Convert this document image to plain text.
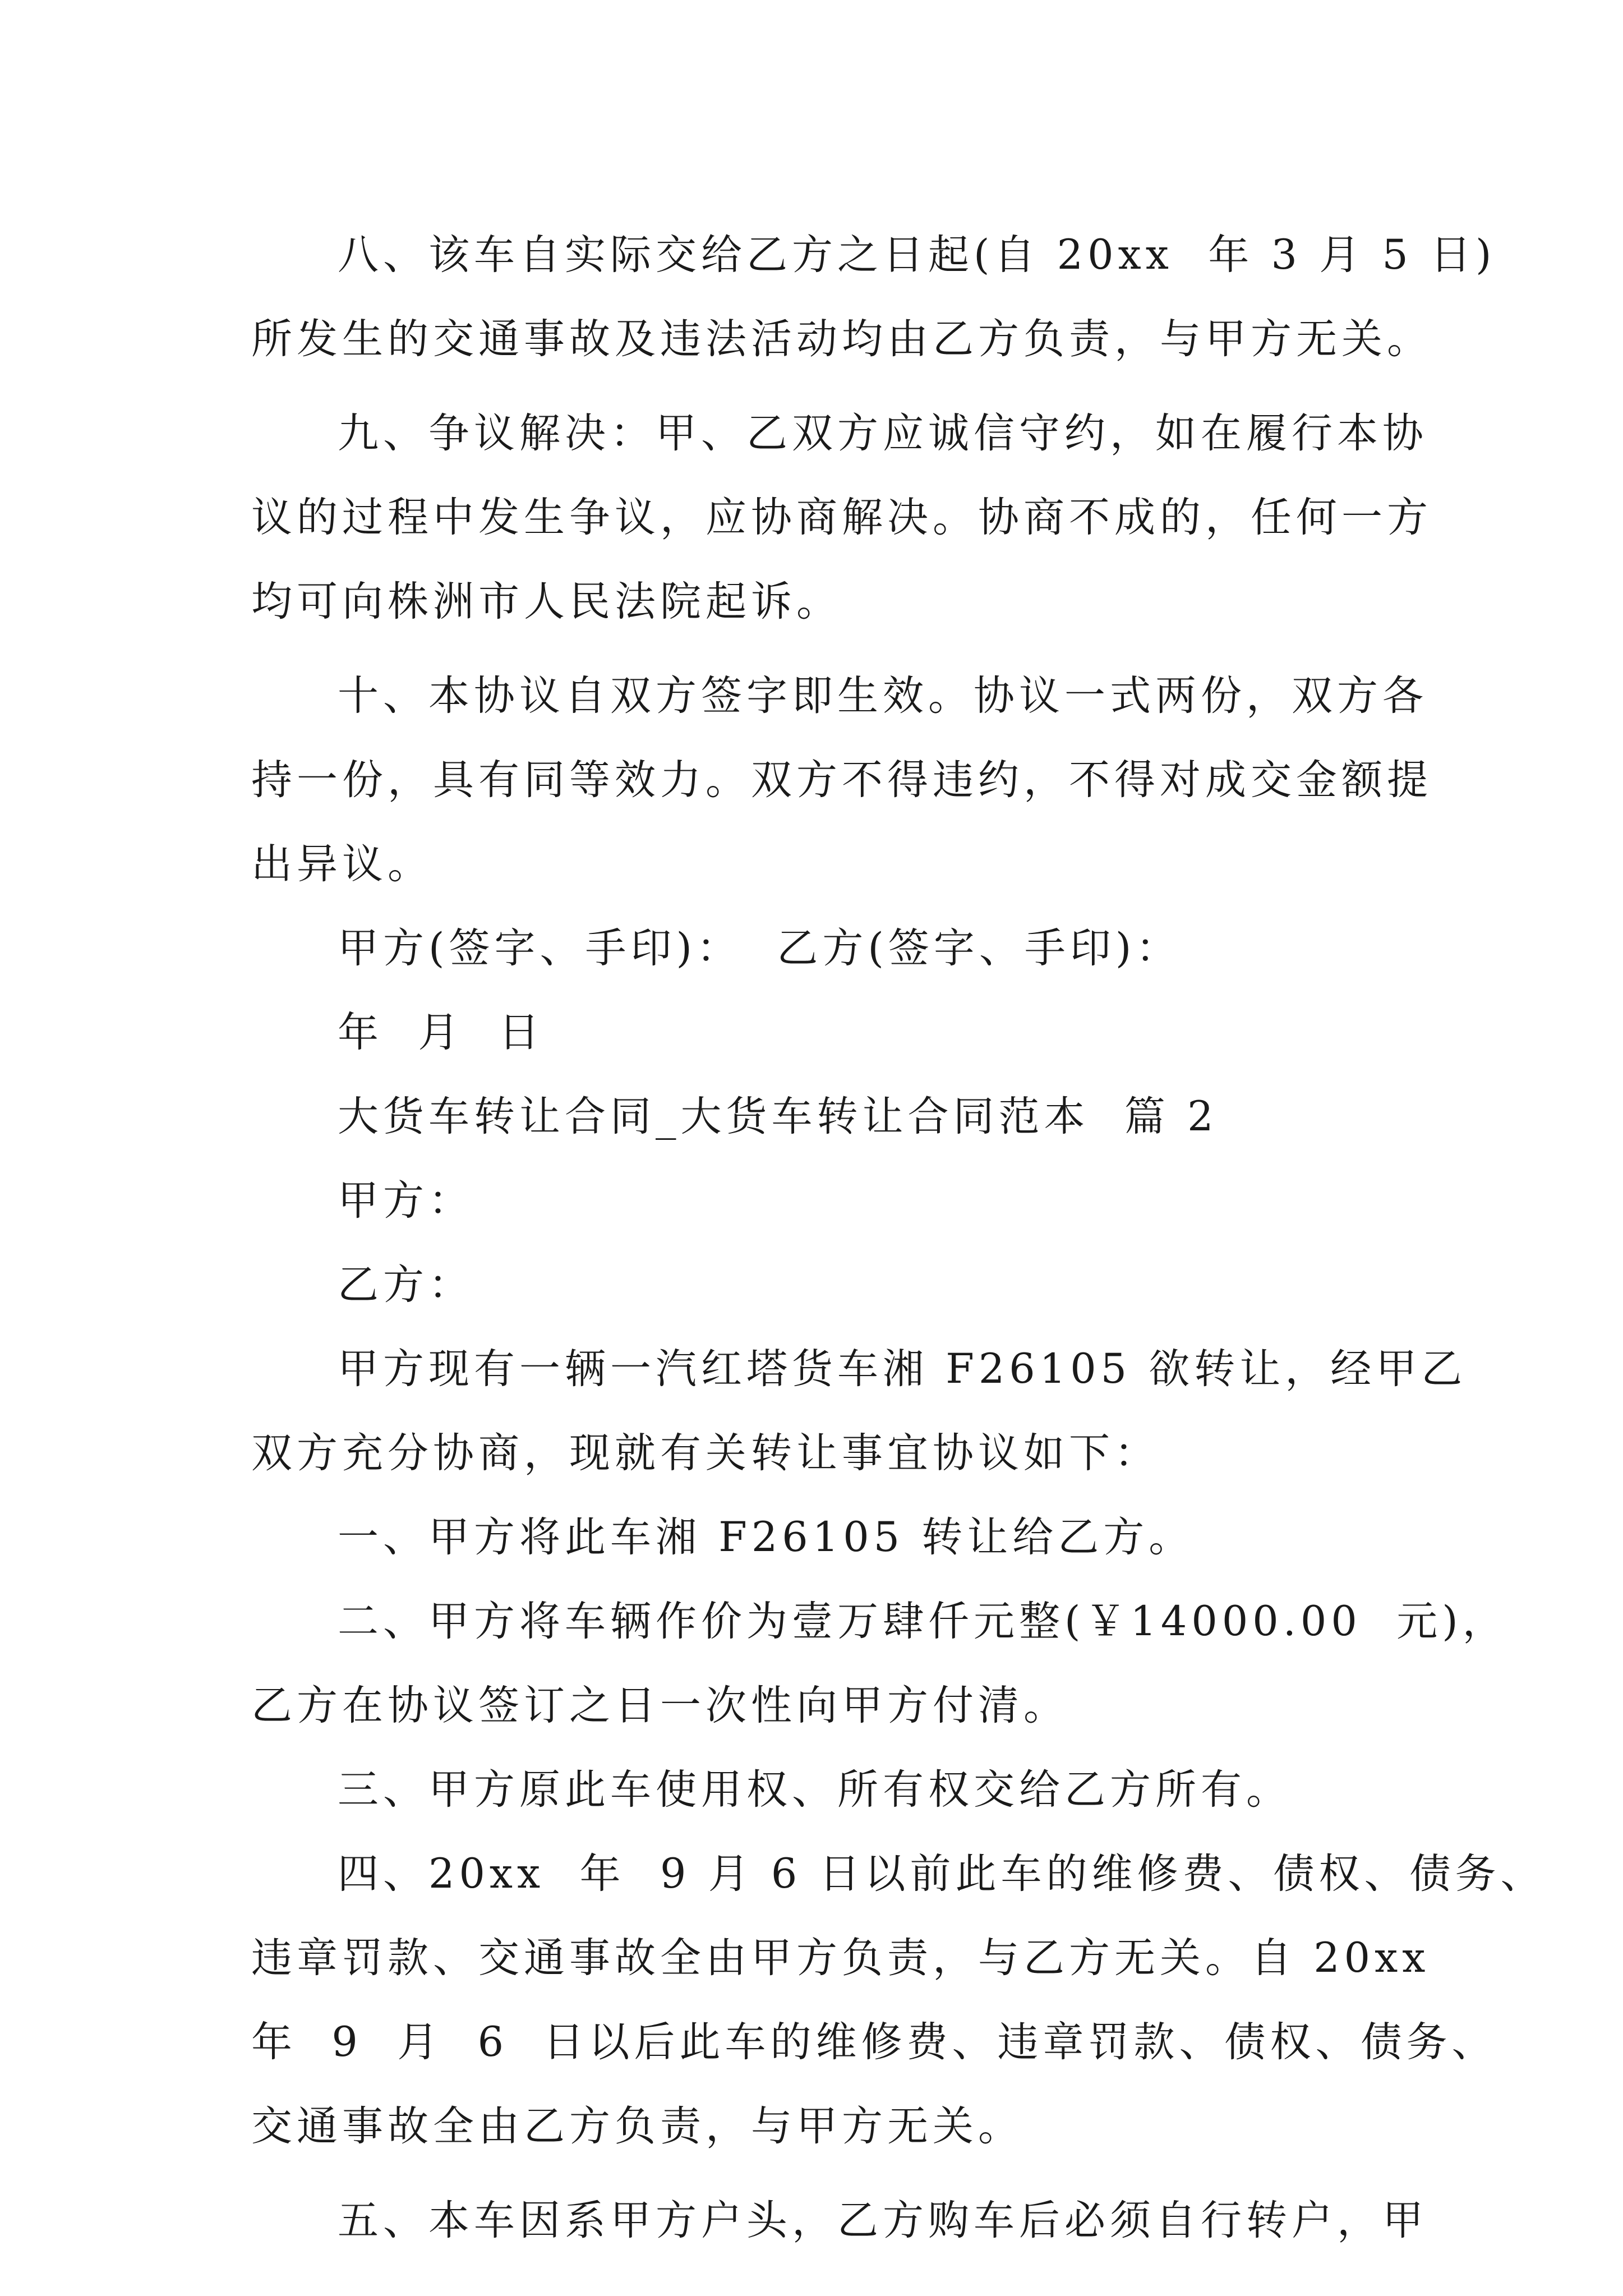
八、该车自实际交给乙方之日起(自 20xx  年 3 月 5 日)

所发生的交通事故及违法活动均由乙方负责，与甲方无关。

九、争议解决：甲、乙双方应诚信守约，如在履行本协

议的过程中发生争议，应协商解决。协商不成的，任何一方

均可向株洲市人民法院起诉。

十、本协议自双方签字即生效。协议一式两份，双方各

持一份，具有同等效力。双方不得违约，不得对成交金额提

出异议。

甲方(签字、手印)：  乙方(签字、手印)：

年  月  日

大货车转让合同_大货车转让合同范本  篇 2

甲方：

乙方：

甲方现有一辆一汽红塔货车湘 F26105 欲转让，经甲乙

双方充分协商，现就有关转让事宜协议如下：

一、甲方将此车湘 F26105 转让给乙方。

二、甲方将车辆作价为壹万肆仟元整(￥14000.00  元)，

乙方在协议签订之日一次性向甲方付清。

三、甲方原此车使用权、所有权交给乙方所有。

四、20xx  年  9 月 6 日以前此车的维修费、债权、债务、

违章罚款、交通事故全由甲方负责，与乙方无关。自 20xx

年  9  月  6  日以后此车的维修费、违章罚款、债权、债务、

交通事故全由乙方负责，与甲方无关。

五、本车因系甲方户头，乙方购车后必须自行转户，甲
